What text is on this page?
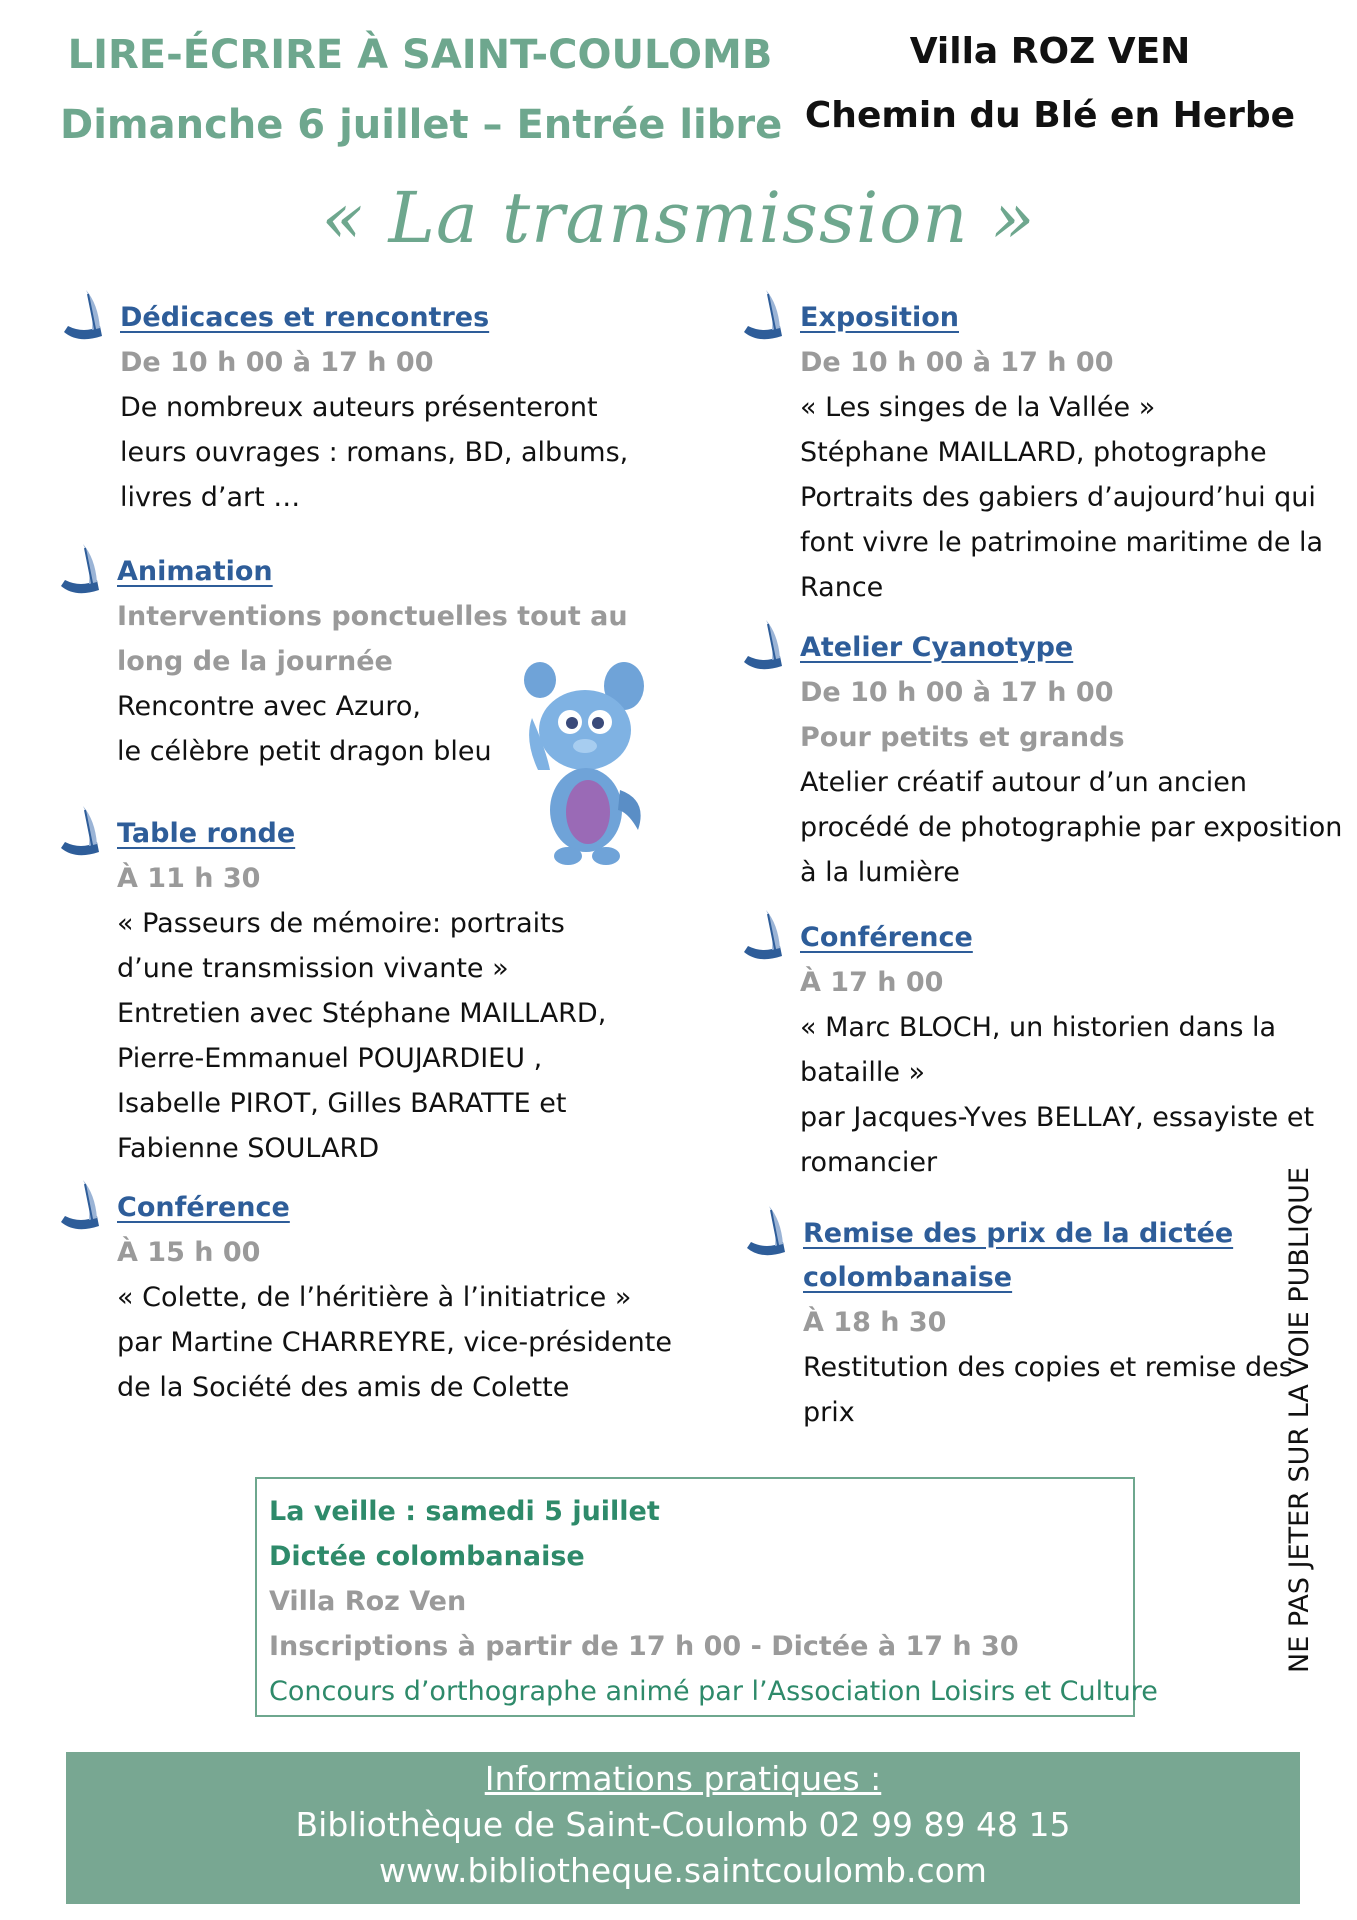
LIRE-ÉCRIRE À SAINT-COULOMB
Dimanche 6 juillet – Entrée libre
Villa ROZ VEN
Chemin du Blé en Herbe
« La transmission »
Dédicaces et rencontres
De 10 h 00 à 17 h 00
De nombreux auteurs présenteront
leurs ouvrages : romans, BD, albums,
livres d’art …
Animation
Interventions ponctuelles tout au
long de la journée
Rencontre avec Azuro,
le célèbre petit dragon bleu
Table ronde
À 11 h 30
« Passeurs de mémoire: portraits
d’une transmission vivante »
Entretien avec Stéphane MAILLARD,
Pierre-Emmanuel POUJARDIEU ,
Isabelle PIROT, Gilles BARATTE et
Fabienne SOULARD
Conférence
À 15 h 00
« Colette, de l’héritière à l’initiatrice »
par Martine CHARREYRE, vice-présidente
de la Société des amis de Colette
Exposition
De 10 h 00 à 17 h 00
« Les singes de la Vallée »
Stéphane MAILLARD, photographe
Portraits des gabiers d’aujourd’hui qui
font vivre le patrimoine maritime de la
Rance
Atelier Cyanotype
De 10 h 00 à 17 h 00
Pour petits et grands
Atelier créatif autour d’un ancien
procédé de photographie par exposition
à la lumière
Conférence
À 17 h 00
« Marc BLOCH, un historien dans la
bataille »
par Jacques-Yves BELLAY, essayiste et
romancier
Remise des prix de la dictée
colombanaise
À 18 h 30
Restitution des copies et remise des
prix	NE PAS JETER SUR LA VOIE PUBLIQUE
La veille : samedi 5 juillet
Dictée colombanaise
Villa Roz Ven
Inscriptions à partir de 17 h 00 - Dictée à 17 h 30
Concours d’orthographe animé par l’Association Loisirs et Culture
Informations pratiques :
Bibliothèque de Saint-Coulomb 02 99 89 48 15
www.bibliotheque.saintcoulomb.com
